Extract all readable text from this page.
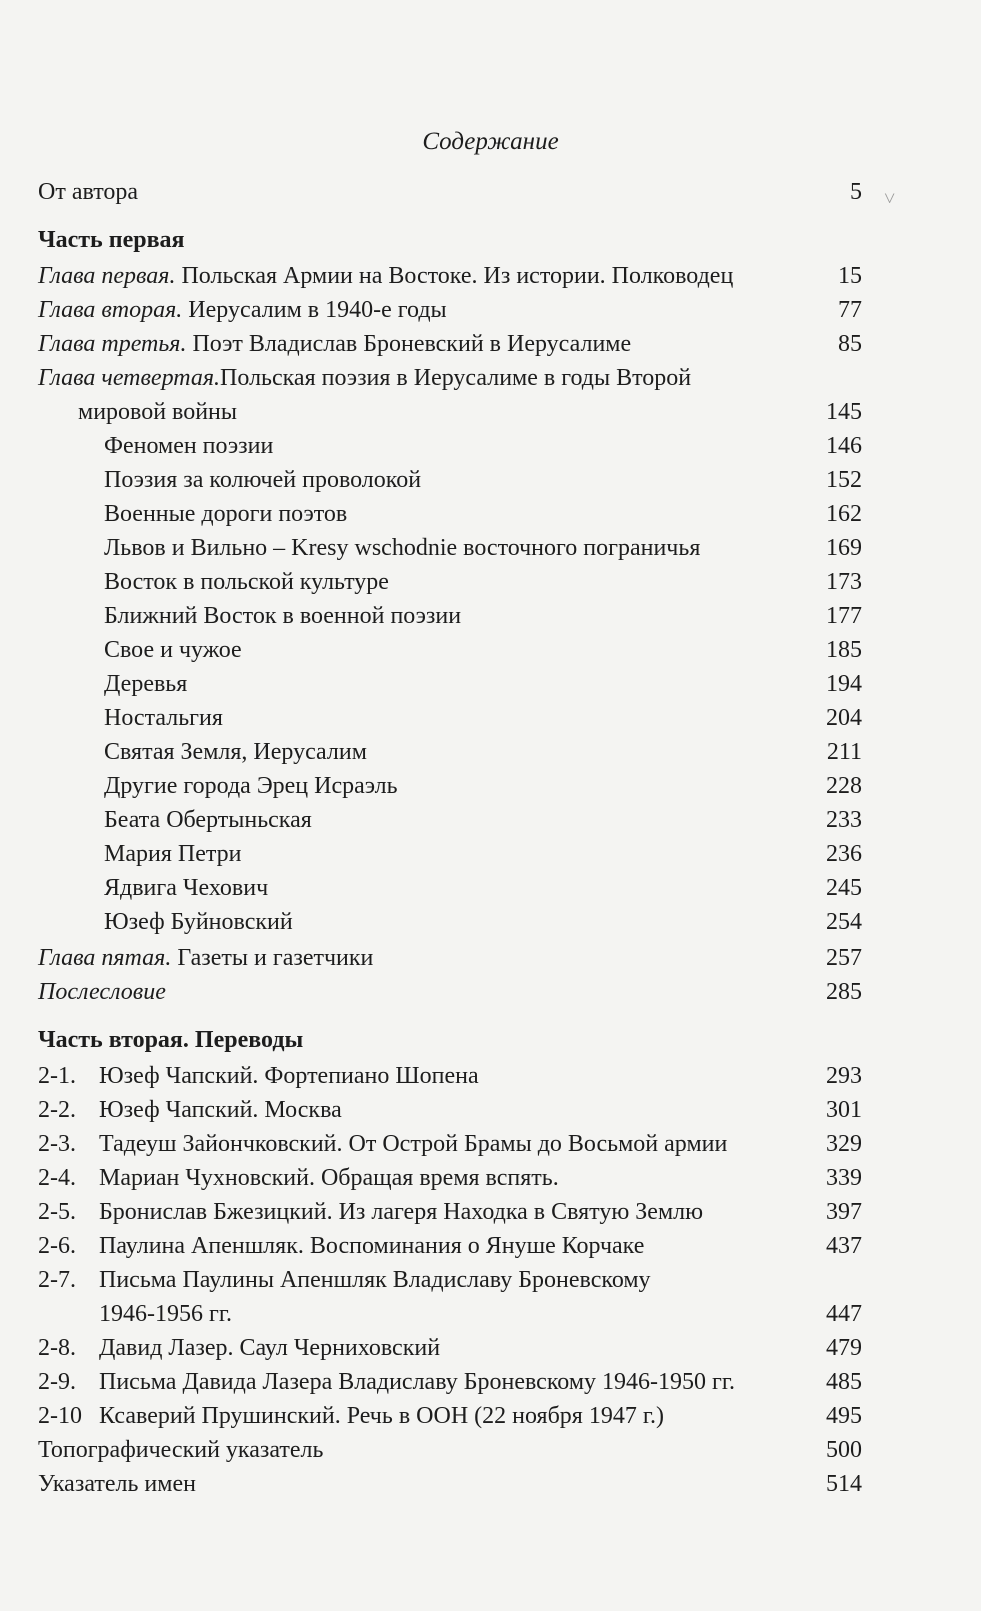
Содержание
˅
От автора	5
Часть первая
Глава первая. Польская Армии на Востоке. Из истории. Полководец	15
Глава вторая. Иерусалим в 1940-е годы	77
Глава третья. Поэт Владислав Броневский в Иерусалиме	85
Глава четвертая.Польская поэзия в Иерусалиме в годы Второй
мировой войны	145
Феномен поэзии	146
Поэзия за колючей проволокой	152
Военные дороги поэтов	162
Львов и Вильно – Kresy wschodnie восточного пограничья	169
Восток в польской культуре	173
Ближний Восток в военной поэзии	177
Свое и чужое	185
Деревья	194
Ностальгия	204
Святая Земля, Иерусалим	211
Другие города Эрец Исраэль	228
Беата Обертыньская	233
Мария Петри	236
Ядвига Чехович	245
Юзеф Буйновский	254
Глава пятая. Газеты и газетчики	257
Послесловие	285
Часть вторая. Переводы
2-1. Юзеф Чапский. Фортепиано Шопена	293
2-2. Юзеф Чапский. Москва	301
2-3. Тадеуш Зайончковский. От Острой Брамы до Восьмой армии	329
2-4. Мариан Чухновский. Обращая время вспять.	339
2-5. Бронислав Бжезицкий. Из лагеря Находка в Святую Землю	397
2-6. Паулина Апеншляк. Воспоминания о Януше Корчаке	437
2-7. Письма Паулины Апеншляк Владиславу Броневскому
1946-1956 гг.	447
2-8. Давид Лазер. Саул Черниховский	479
2-9. Письма Давида Лазера Владиславу Броневскому 1946-1950 гг.	485
2-10 Ксаверий Прушинский. Речь в ООН (22 ноября 1947 г.)	495
Топографический указатель	500
Указатель имен	514
